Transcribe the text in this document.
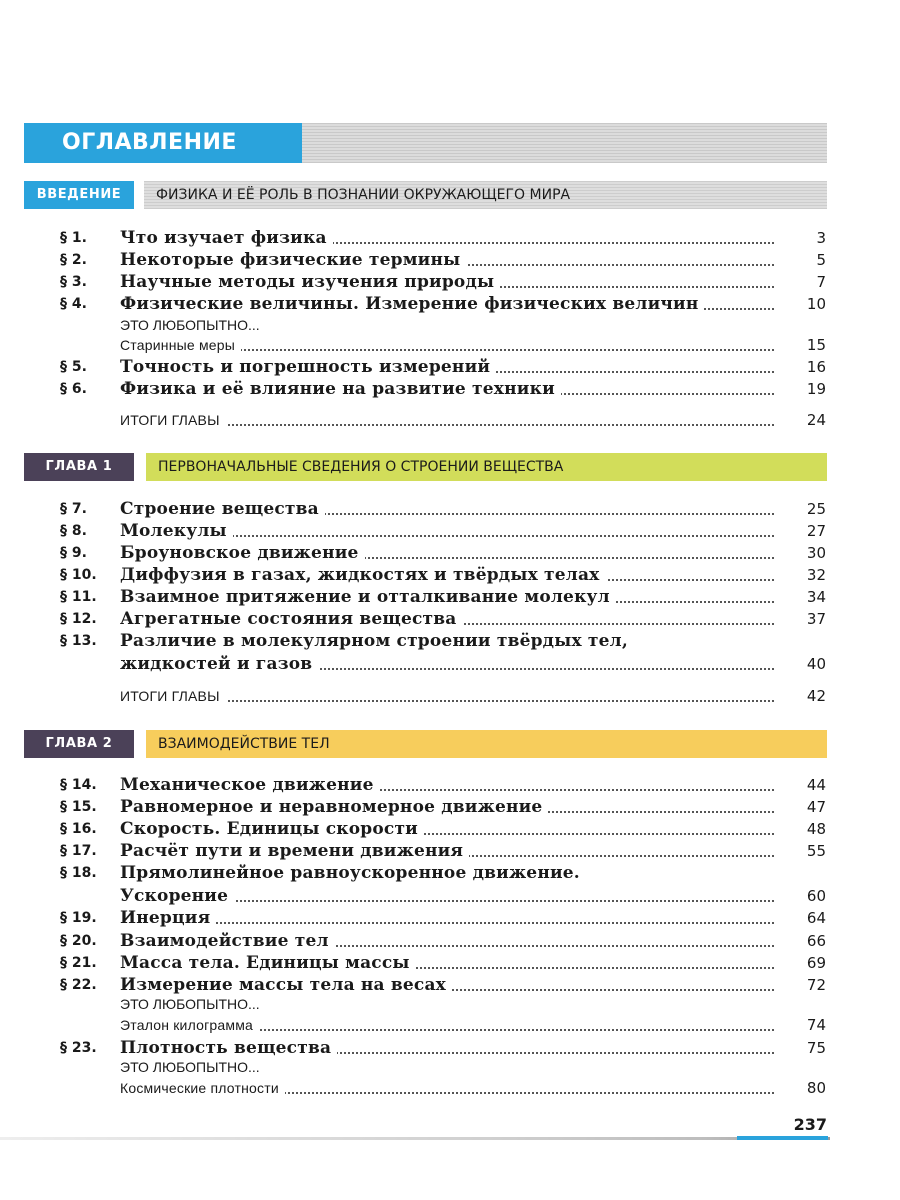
ОГЛАВЛЕНИЕ
ВВЕДЕНИЕ	ФИЗИКА И ЕЁ РОЛЬ В ПОЗНАНИИ ОКРУЖАЮЩЕГО МИРА
§ 1.	Что изучает физика	3
§ 2.	Некоторые физические термины	5
§ 3.	Научные методы изучения природы	7
§ 4.	Физические величины. Измерение физических величин	10
ЭТО ЛЮБОПЫТНО...
Старинные меры	15
§ 5.	Точность и погрешность измерений	16
§ 6.	Физика и её влияние на развитие техники	19
ИТОГИ ГЛАВЫ	24
ГЛАВА 1	ПЕРВОНАЧАЛЬНЫЕ СВЕДЕНИЯ О СТРОЕНИИ ВЕЩЕСТВА
§ 7.	Строение вещества	25
§ 8.	Молекулы	27
§ 9.	Броуновское движение	30
§ 10.	Диффузия в газах, жидкостях и твёрдых телах	32
§ 11.	Взаимное притяжение и отталкивание молекул	34
§ 12.	Агрегатные состояния вещества	37
§ 13.	Различие в молекулярном строении твёрдых тел,
жидкостей и газов	40
ИТОГИ ГЛАВЫ	42
ГЛАВА 2	ВЗАИМОДЕЙСТВИЕ ТЕЛ
§ 14.	Механическое движение	44
§ 15.	Равномерное и неравномерное движение	47
§ 16.	Скорость. Единицы скорости	48
§ 17.	Расчёт пути и времени движения	55
§ 18.	Прямолинейное равноускоренное движение.
Ускорение	60
§ 19.	Инерция	64
§ 20.	Взаимодействие тел	66
§ 21.	Масса тела. Единицы массы	69
§ 22.	Измерение массы тела на весах	72
ЭТО ЛЮБОПЫТНО...
Эталон килограмма	74
§ 23.	Плотность вещества	75
ЭТО ЛЮБОПЫТНО...
Космические плотности	80
237
